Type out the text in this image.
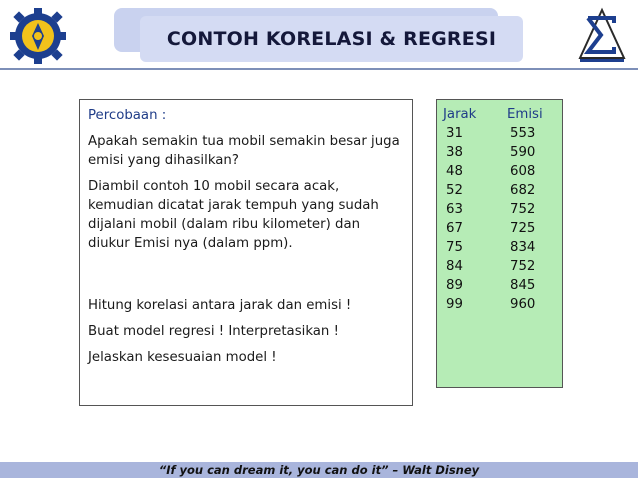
CONTOH KORELASI & REGRESI

Percobaan :

Apakah semakin tua mobil semakin besar juga emisi yang dihasilkan?

Diambil contoh 10 mobil secara acak, kemudian dicatat jarak tempuh yang sudah dijalani mobil (dalam ribu kilometer) dan diukur Emisi nya (dalam ppm).

Hitung korelasi antara jarak dan emisi !

Buat model regresi ! Interpretasikan !

Jelaskan kesesuaian model !

Jarak Emisi
31	553
38	590
48	608
52	682
63	752
67	725
75	834
84	752
89	845
99	960
“If you can dream it, you can do it” – Walt Disney
